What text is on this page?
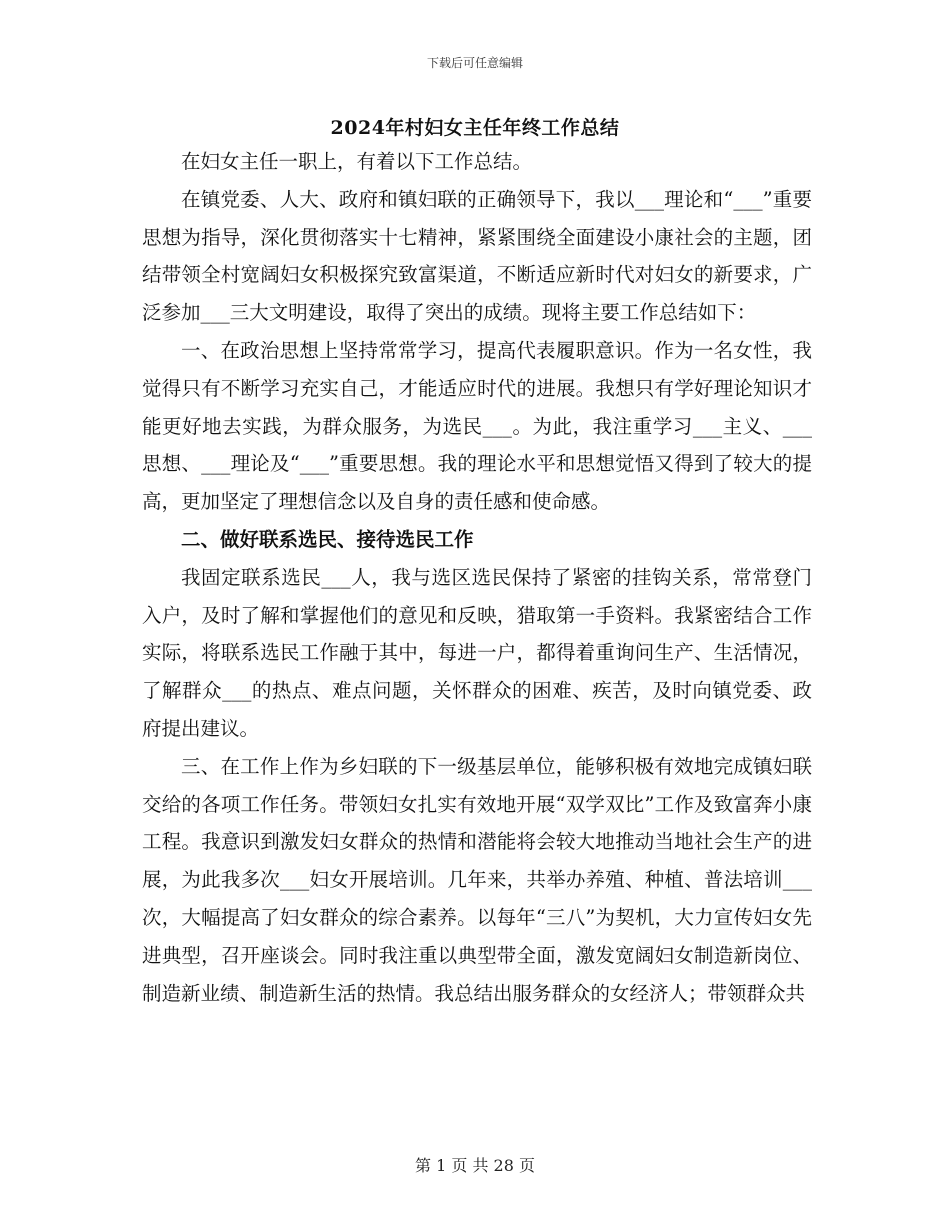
下载后可任意编辑
2024年村妇女主任年终工作总结

在妇女主任一职上，有着以下工作总结。

在镇党委、人大、政府和镇妇联的正确领导下，我以___理论和“___”重要思想为指导，深化贯彻落实十七精神，紧紧围绕全面建设小康社会的主题，团结带领全村宽阔妇女积极探究致富渠道，不断适应新时代对妇女的新要求，广泛参加___三大文明建设，取得了突出的成绩。现将主要工作总结如下：

一、在政治思想上坚持常常学习，提高代表履职意识。作为一名女性，我觉得只有不断学习充实自己，才能适应时代的进展。我想只有学好理论知识才能更好地去实践，为群众服务，为选民___。为此，我注重学习___主义、___思想、___理论及“___”重要思想。我的理论水平和思想觉悟又得到了较大的提高，更加坚定了理想信念以及自身的责任感和使命感。

二、做好联系选民、接待选民工作

我固定联系选民___人，我与选区选民保持了紧密的挂钩关系，常常登门入户，及时了解和掌握他们的意见和反映，猎取第一手资料。我紧密结合工作实际，将联系选民工作融于其中，每进一户，都得着重询问生产、生活情况，了解群众___的热点、难点问题，关怀群众的困难、疾苦，及时向镇党委、政府提出建议。

三、在工作上作为乡妇联的下一级基层单位，能够积极有效地完成镇妇联交给的各项工作任务。带领妇女扎实有效地开展“双学双比”工作及致富奔小康工程。我意识到激发妇女群众的热情和潜能将会较大地推动当地社会生产的进展，为此我多次___妇女开展培训。几年来，共举办养殖、种植、普法培训___次，大幅提高了妇女群众的综合素养。以每年“三八”为契机，大力宣传妇女先进典型，召开座谈会。同时我注重以典型带全面，激发宽阔妇女制造新岗位、制造新业绩、制造新生活的热情。我总结出服务群众的女经济人；带领群众共

第 1 页 共 28 页
